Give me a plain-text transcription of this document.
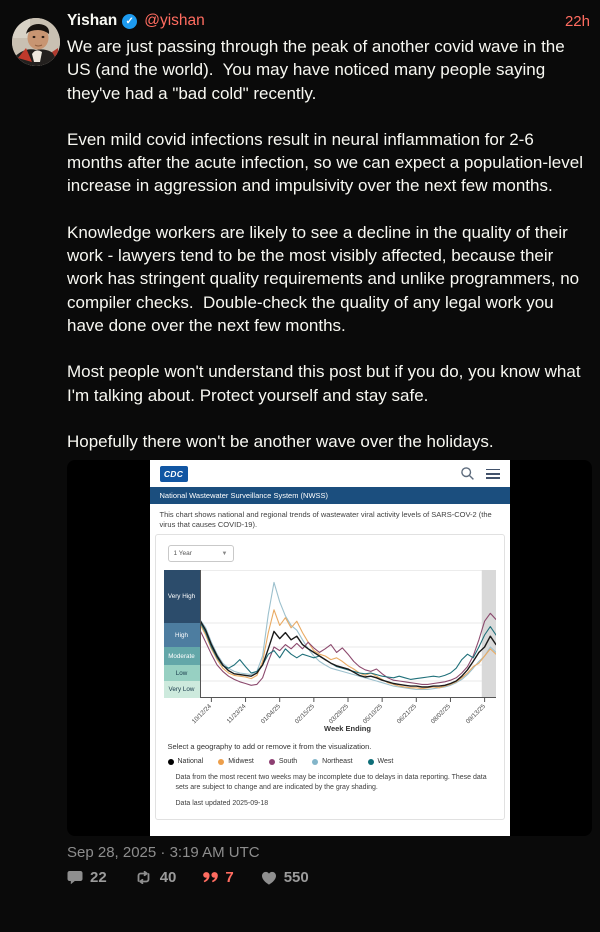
Yishan ✓ @yishan	22h

We are just passing through the peak of another covid wave in the US (and the world).  You may have noticed many people saying they've had a "bad cold" recently.

Even mild covid infections result in neural inflammation for 2-6 months after the acute infection, so we can expect a population-level increase in aggression and impulsivity over the next few months.

Knowledge workers are likely to see a decline in the quality of their work - lawyers tend to be the most visibly affected, because their work has stringent quality requirements and unlike programmers, no compiler checks.  Double-check the quality of any legal work you have done over the next few months.

Most people won't understand this post but if you do, you know what I'm talking about. Protect yourself and stay safe.

Hopefully there won't be another wave over the holidays.

CDC
National Wastewater Surveillance System (NWSS)

This chart shows national and regional trends of wastewater viral activity levels of SARS-COV-2 (the virus that causes COVID-19).

1 Year	▼
Very High
High
Moderate
Low
Very Low
10/12/24 11/23/24 01/04/25 02/15/25 03/29/25 05/10/25 06/21/25 08/02/25 09/13/25
Week Ending

Select a geography to add or remove it from the visualization.

National	Midwest	South	Northeast	West

Data from the most recent two weeks may be incomplete due to delays in data reporting. These data sets are subject to change and are indicated by the gray shading.

Data last updated 2025-09-18

Sep 28, 2025 · 3:19 AM UTC

22	40	7	550
